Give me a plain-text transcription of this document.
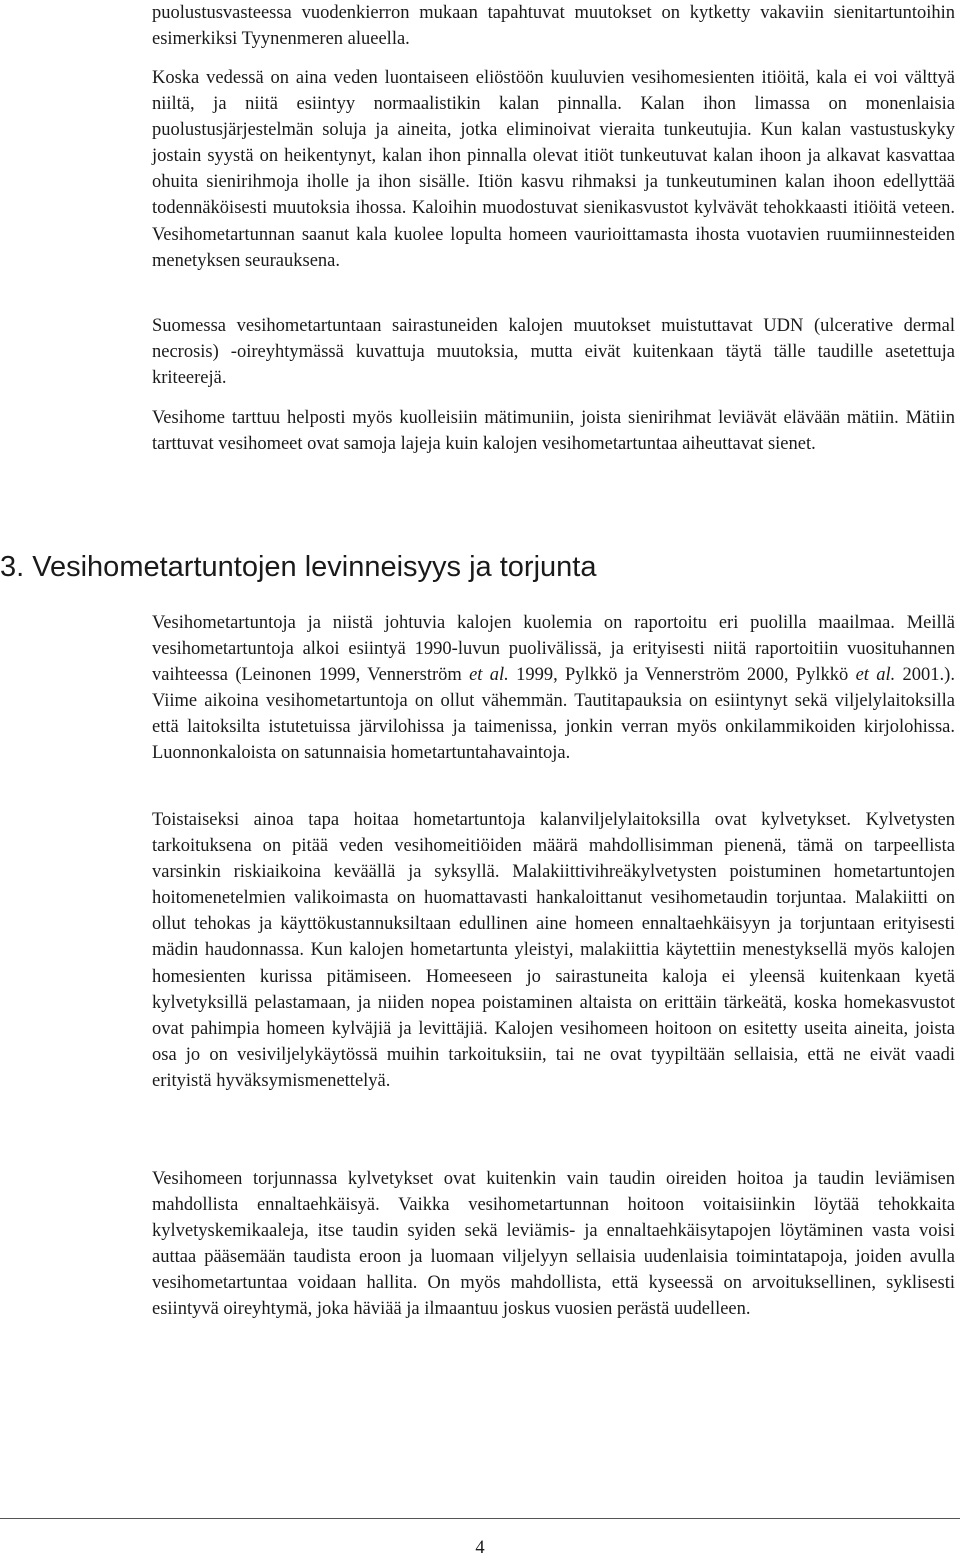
puolustusvasteessa vuodenkierron mukaan tapahtuvat muutokset on kytketty vakaviin sienitartuntoihin esimerkiksi Tyynenmeren alueella.

Koska vedessä on aina veden luontaiseen eliöstöön kuuluvien vesihomesienten itiöitä, kala ei voi välttyä niiltä, ja niitä esiintyy normaalistikin kalan pinnalla. Kalan ihon limassa on monenlaisia puolustusjärjestelmän soluja ja aineita, jotka eliminoivat vieraita tunkeutujia. Kun kalan vastustuskyky jostain syystä on heikentynyt, kalan ihon pinnalla olevat itiöt tunkeutuvat kalan ihoon ja alkavat kasvattaa ohuita sienirihmoja iholle ja ihon sisälle. Itiön kasvu rihmaksi ja tunkeutuminen kalan ihoon edellyttää todennäköisesti muutoksia ihossa. Kaloihin muodostuvat sienikasvustot kylvävät tehokkaasti itiöitä veteen. Vesihometartunnan saanut kala kuolee lopulta homeen vaurioittamasta ihosta vuotavien ruumiinnesteiden menetyksen seurauksena.

Suomessa vesihometartuntaan sairastuneiden kalojen muutokset muistuttavat UDN (ulcerative dermal necrosis) -oireyhtymässä kuvattuja muutoksia, mutta eivät kuitenkaan täytä tälle taudille asetettuja kriteerejä.

Vesihome tarttuu helposti myös kuolleisiin mätimuniin, joista sienirihmat leviävät elävään mätiin. Mätiin tarttuvat vesihomeet ovat samoja lajeja kuin kalojen vesihometartuntaa aiheuttavat sienet.

3. Vesihometartuntojen levinneisyys ja torjunta

Vesihometartuntoja ja niistä johtuvia kalojen kuolemia on raportoitu eri puolilla maailmaa. Meillä vesihometartuntoja alkoi esiintyä 1990-luvun puolivälissä, ja erityisesti niitä raportoitiin vuosituhannen vaihteessa (Leinonen 1999, Vennerström et al. 1999, Pylkkö ja Vennerström 2000, Pylkkö et al. 2001.). Viime aikoina vesihometartuntoja on ollut vähemmän. Tautitapauksia on esiintynyt sekä viljelylaitoksilla että laitoksilta istutetuissa järvilohissa ja taimenissa, jonkin verran myös onkilammikoiden kirjolohissa. Luonnonkaloista on satunnaisia hometartuntahavaintoja.

Toistaiseksi ainoa tapa hoitaa hometartuntoja kalanviljelylaitoksilla ovat kylvetykset. Kylvetysten tarkoituksena on pitää veden vesihomeitiöiden määrä mahdollisimman pienenä, tämä on tarpeellista varsinkin riskiaikoina keväällä ja syksyllä. Malakiittivihreäkylvetysten poistuminen hometartuntojen hoitomenetelmien valikoimasta on huomattavasti hankaloittanut vesihometaudin torjuntaa. Malakiitti on ollut tehokas ja käyttökustannuksiltaan edullinen aine homeen ennaltaehkäisyyn ja torjuntaan erityisesti mädin haudonnassa. Kun kalojen hometartunta yleistyi, malakiittia käytettiin menestyksellä myös kalojen homesienten kurissa pitämiseen. Homeeseen jo sairastuneita kaloja ei yleensä kuitenkaan kyetä kylvetyksillä pelastamaan, ja niiden nopea poistaminen altaista on erittäin tärkeätä, koska homekasvustot ovat pahimpia homeen kylväjiä ja levittäjiä. Kalojen vesihomeen hoitoon on esitetty useita aineita, joista osa jo on vesiviljelykäytössä muihin tarkoituksiin, tai ne ovat tyypiltään sellaisia, että ne eivät vaadi erityistä hyväksymismenettelyä.

Vesihomeen torjunnassa kylvetykset ovat kuitenkin vain taudin oireiden hoitoa ja taudin leviämisen mahdollista ennaltaehkäisyä. Vaikka vesihometartunnan hoitoon voitaisiinkin löytää tehokkaita kylvetyskemikaaleja, itse taudin syiden sekä leviämis- ja ennaltaehkäisytapojen löytäminen vasta voisi auttaa pääsemään taudista eroon ja luomaan viljelyyn sellaisia uudenlaisia toimintatapoja, joiden avulla vesihometartuntaa voidaan hallita. On myös mahdollista, että kyseessä on arvoituksellinen, syklisesti esiintyvä oireyhtymä, joka häviää ja ilmaantuu joskus vuosien perästä uudelleen.

4
